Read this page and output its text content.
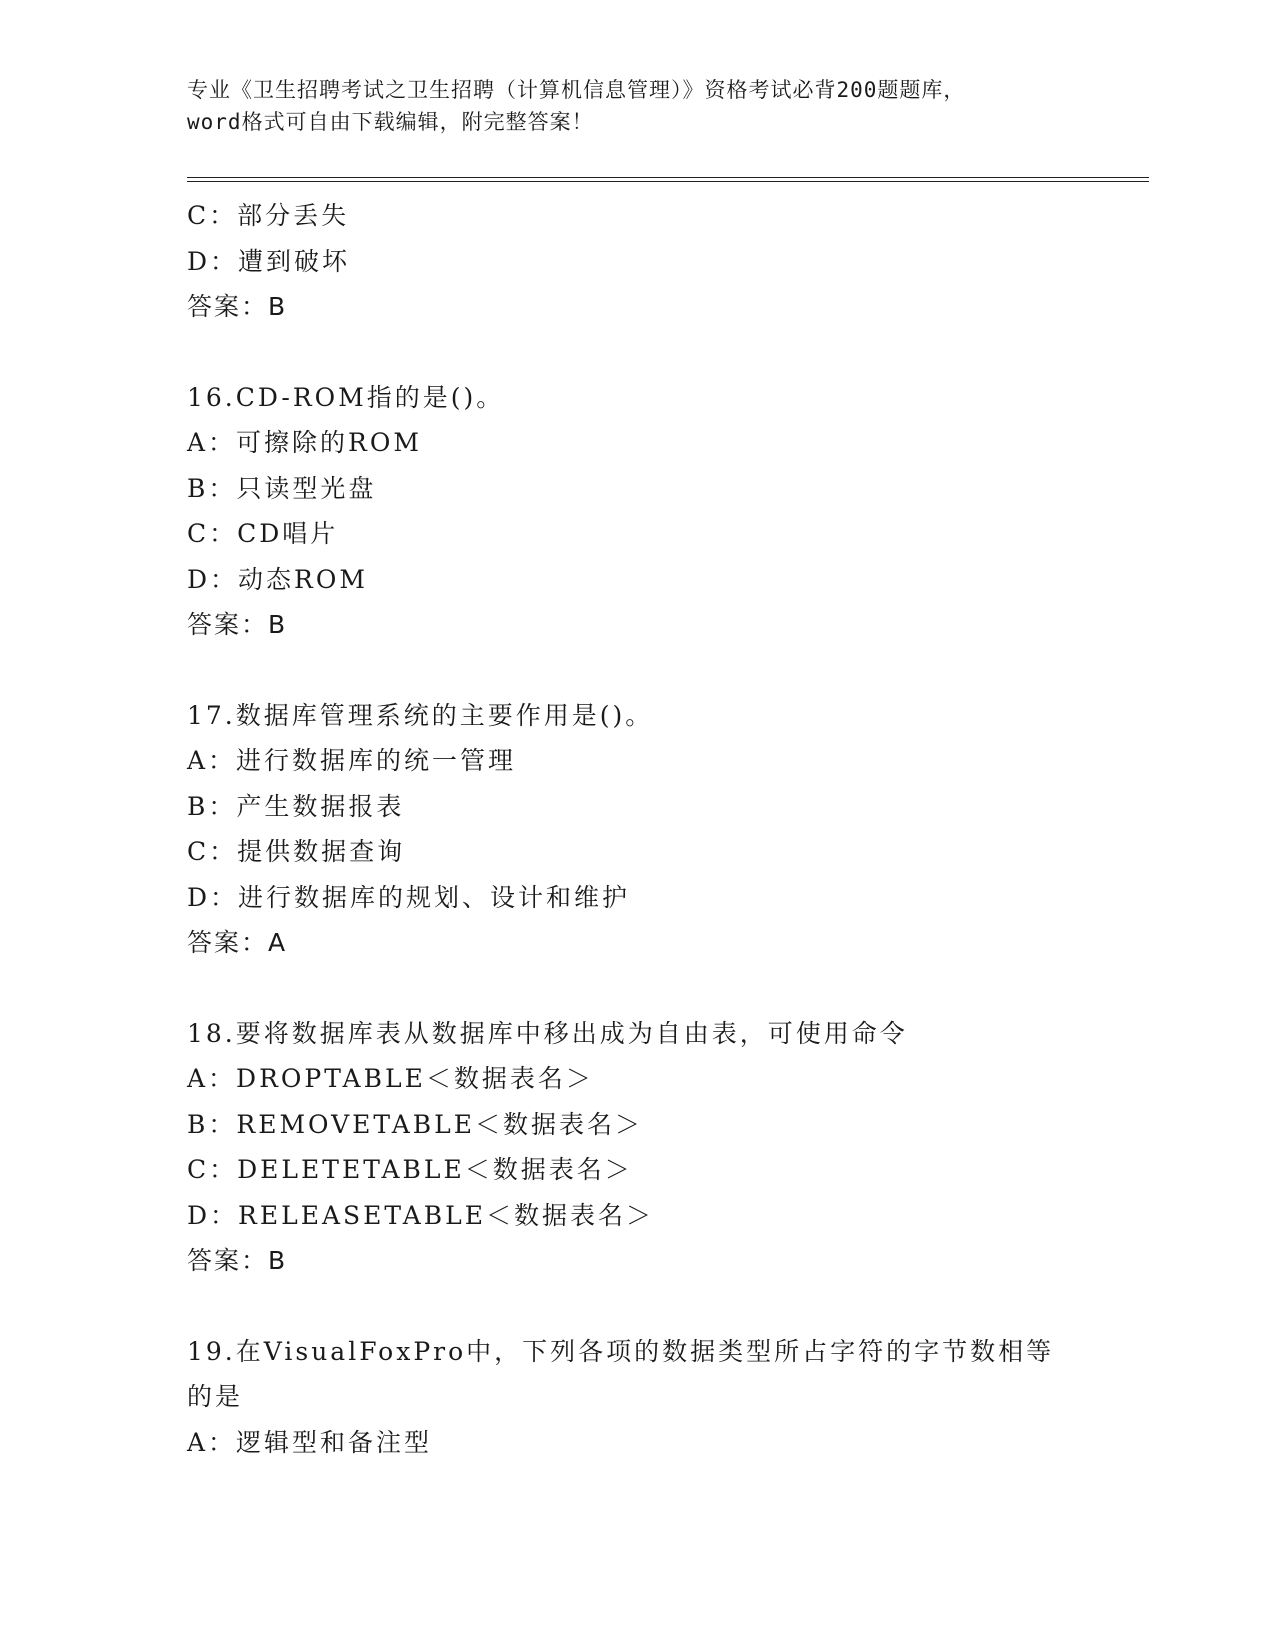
专业《卫生招聘考试之卫生招聘（计算机信息管理）》资格考试必背200题题库，
word格式可自由下载编辑，附完整答案！
C：部分丢失
D：遭到破坏
答案：B
16.CD-ROM指的是()。
A：可擦除的ROM
B：只读型光盘
C：CD唱片
D：动态ROM
答案：B
17.数据库管理系统的主要作用是()。
A：进行数据库的统一管理
B：产生数据报表
C：提供数据查询
D：进行数据库的规划、设计和维护
答案：A
18.要将数据库表从数据库中移出成为自由表，可使用命令
A：DROPTABLE＜数据表名＞
B：REMOVETABLE＜数据表名＞
C：DELETETABLE＜数据表名＞
D：RELEASETABLE＜数据表名＞
答案：B
19.在VisualFoxPro中，下列各项的数据类型所占字符的字节数相等
的是
A：逻辑型和备注型
